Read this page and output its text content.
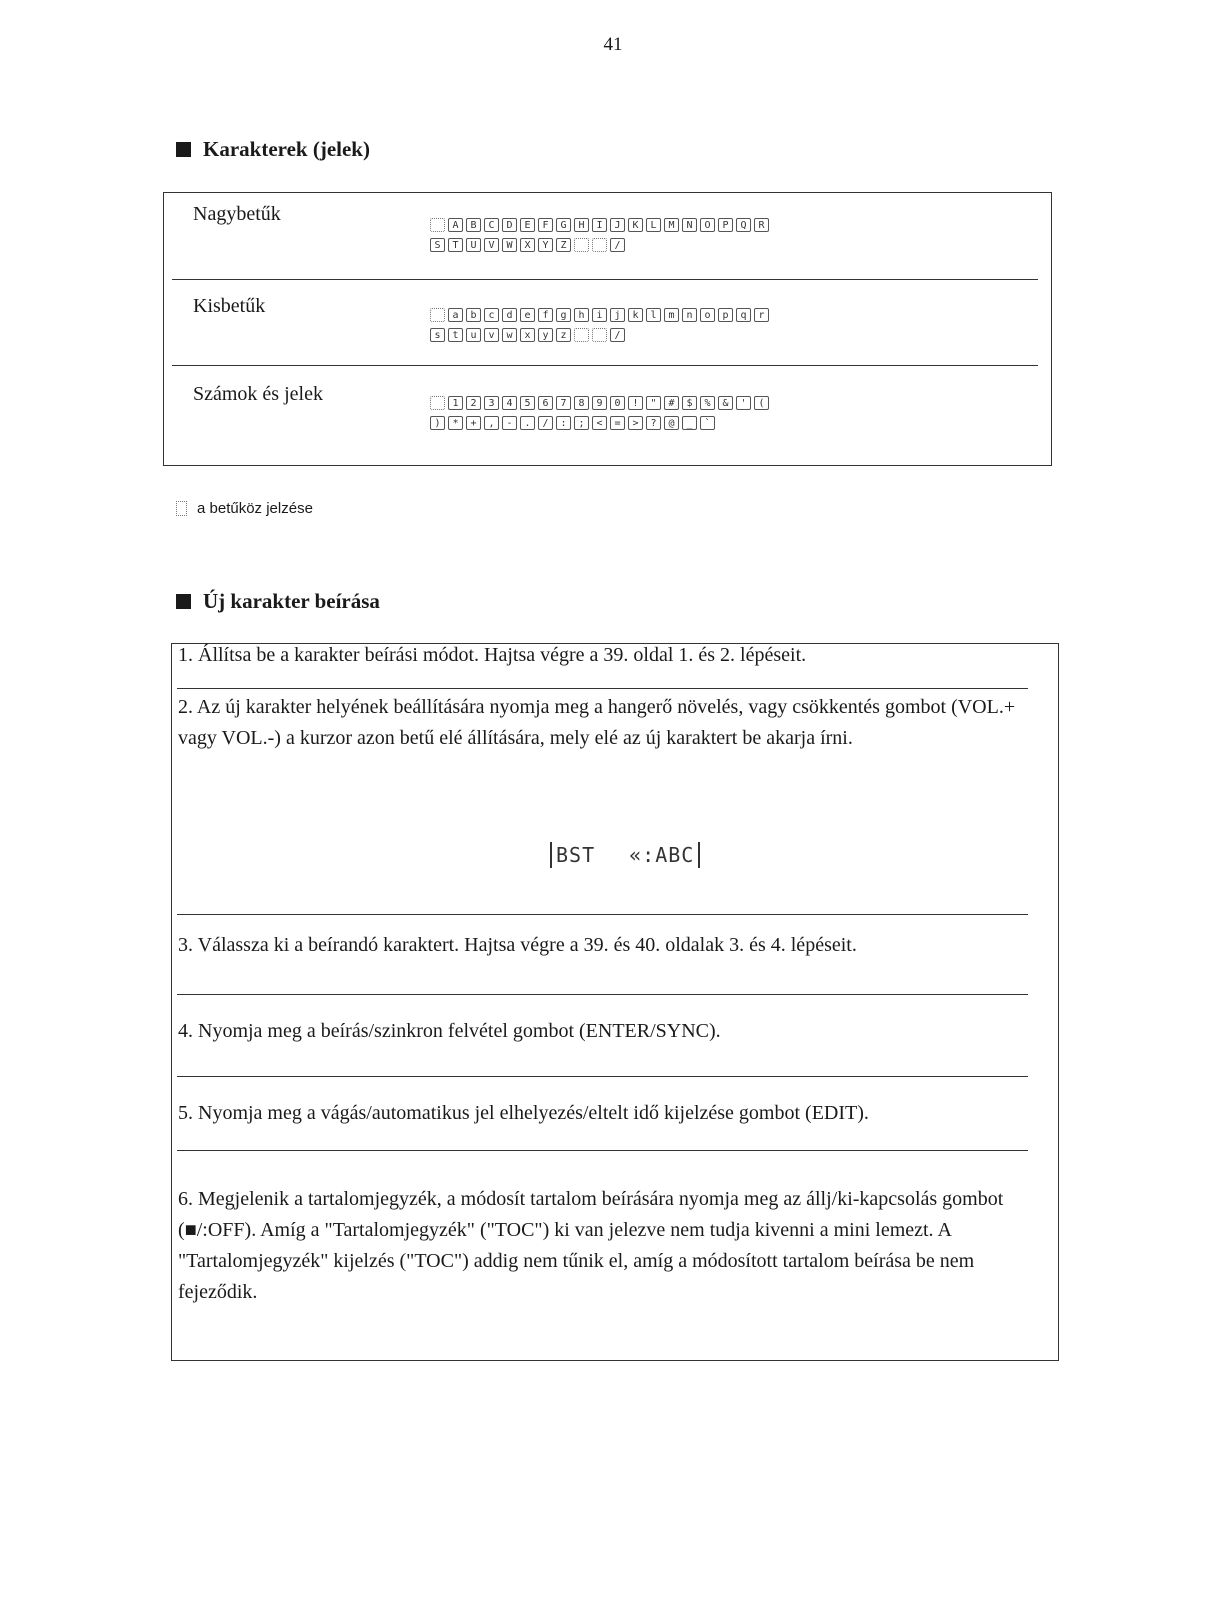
41
Karakterek (jelek)
Nagybetűk	A	B	C	D	E	F	G	H	I	J	K	L	M	N	O	P	Q	R
S	T	U	V	W	X	Y	Z	/
Kisbetűk	a	b	c	d	e	f	g	h	i	j	k	l	m	n	o	p	q	r
s	t	u	v	w	x	y	z	/
Számok és jelek	1	2	3	4	5	6	7	8	9	0	!	"	#	$	%	&	'	(
)	*	+	,	-	.	/	:	;	<	=	>	?	@	_	`
a betűköz jelzése
Új karakter beírása
1. Állítsa be a karakter beírási módot. Hajtsa végre a 39. oldal 1. és 2. lépéseit.
2. Az új karakter helyének beállítására nyomja meg a hangerő növelés, vagy csökkentés gombot (VOL.+ vagy VOL.-) a kurzor azon betű elé állítására, mely elé az új karaktert be akarja írni.
BST «:ABC
3. Válassza ki a beírandó karaktert. Hajtsa végre a 39. és 40. oldalak 3. és 4. lépéseit.
4. Nyomja meg a beírás/szinkron felvétel gombot (ENTER/SYNC).
5. Nyomja meg a vágás/automatikus jel elhelyezés/eltelt idő kijelzése gombot (EDIT).
6. Megjelenik a tartalomjegyzék, a módosít tartalom beírására nyomja meg az állj/ki-kapcsolás gombot (■/:OFF). Amíg a "Tartalomjegyzék" ("TOC") ki van jelezve nem tudja kivenni a mini lemezt. A "Tartalomjegyzék" kijelzés ("TOC") addig nem tűnik el, amíg a módosított tartalom beírása be nem fejeződik.
